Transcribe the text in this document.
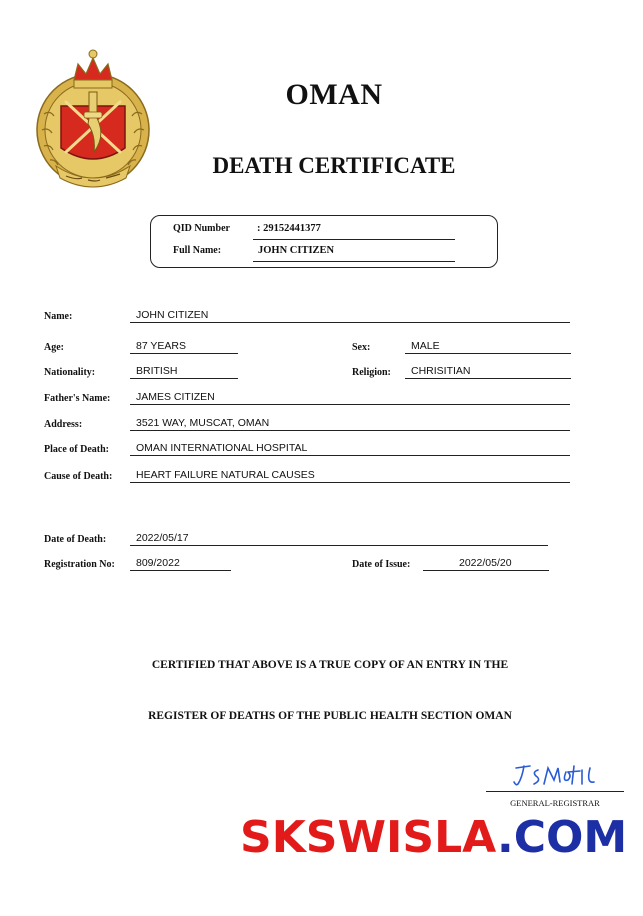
OMAN
DEATH CERTIFICATE
QID Number	: 29152441377
Full Name:	JOHN CITIZEN
Name:	JOHN CITIZEN
Age:	87 YEARS	Sex:	MALE
Nationality:	BRITISH	Religion: CHRISITIAN
Father's Name: JAMES CITIZEN
Address:	3521 WAY, MUSCAT, OMAN
Place of Death:	OMAN INTERNATIONAL HOSPITAL
Cause of Death: HEART FAILURE NATURAL CAUSES
Date of Death:	2022/05/17
Registration No: 809/2022	Date of Issue:	2022/05/20
CERTIFIED THAT ABOVE IS A TRUE COPY OF AN ENTRY IN THE
REGISTER OF DEATHS OF THE PUBLIC HEALTH SECTION OMAN
GENERAL-REGISTRAR
SKSWISLA.COM
